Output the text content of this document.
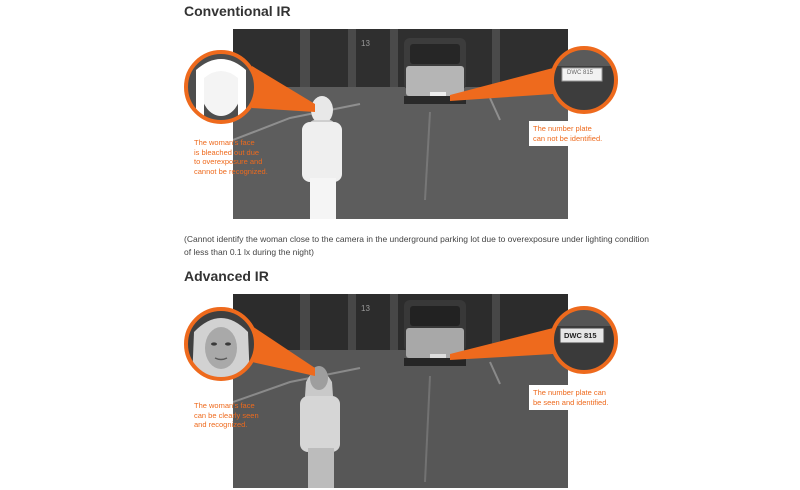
Conventional IR
13
DWC 815

The woman's face
is bleached out due
to overexposure and
cannot be recognized.

The number plate
can not be identified.

(Cannot identify the woman close to the camera in the underground parking lot due to overexposure under lighting condition
of less than 0.1 lx during the night)

Advanced IR
13
DWC 815

The woman's face
can be clearly seen
and recognized.

The number plate can
be seen and identified.
